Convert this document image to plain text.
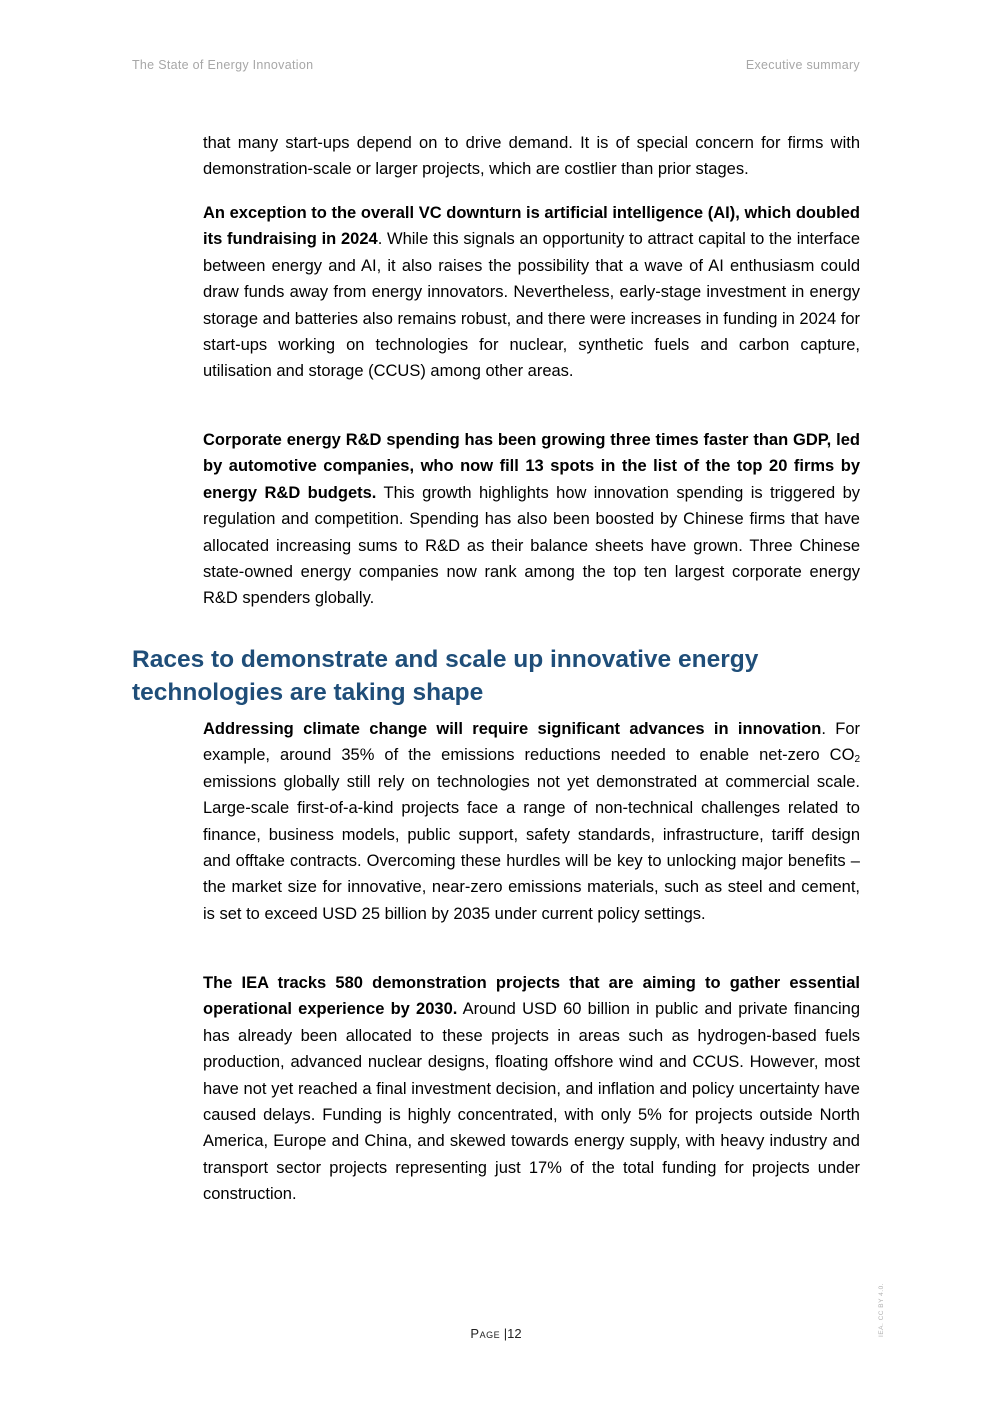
The State of Energy Innovation	Executive summary

that many start-ups depend on to drive demand. It is of special concern for firms with demonstration-scale or larger projects, which are costlier than prior stages.

An exception to the overall VC downturn is artificial intelligence (AI), which doubled its fundraising in 2024. While this signals an opportunity to attract capital to the interface between energy and AI, it also raises the possibility that a wave of AI enthusiasm could draw funds away from energy innovators. Nevertheless, early-stage investment in energy storage and batteries also remains robust, and there were increases in funding in 2024 for start-ups working on technologies for nuclear, synthetic fuels and carbon capture, utilisation and storage (CCUS) among other areas.

Corporate energy R&D spending has been growing three times faster than GDP, led by automotive companies, who now fill 13 spots in the list of the top 20 firms by energy R&D budgets. This growth highlights how innovation spending is triggered by regulation and competition. Spending has also been boosted by Chinese firms that have allocated increasing sums to R&D as their balance sheets have grown. Three Chinese state-owned energy companies now rank among the top ten largest corporate energy R&D spenders globally.

Races to demonstrate and scale up innovative energy technologies are taking shape

Addressing climate change will require significant advances in innovation. For example, around 35% of the emissions reductions needed to enable net-zero $CO_2$ emissions globally still rely on technologies not yet demonstrated at commercial scale. Large-scale first-of-a-kind projects face a range of non-technical challenges related to finance, business models, public support, safety standards, infrastructure, tariff design and offtake contracts. Overcoming these hurdles will be key to unlocking major benefits – the market size for innovative, near-zero emissions materials, such as steel and cement, is set to exceed USD 25 billion by 2035 under current policy settings.

The IEA tracks 580 demonstration projects that are aiming to gather essential operational experience by 2030. Around USD 60 billion in public and private financing has already been allocated to these projects in areas such as hydrogen-based fuels production, advanced nuclear designs, floating offshore wind and CCUS. However, most have not yet reached a final investment decision, and inflation and policy uncertainty have caused delays. Funding is highly concentrated, with only 5% for projects outside North America, Europe and China, and skewed towards energy supply, with heavy industry and transport sector projects representing just 17% of the total funding for projects under construction.

Page |12	IEA. CC BY 4.0.
